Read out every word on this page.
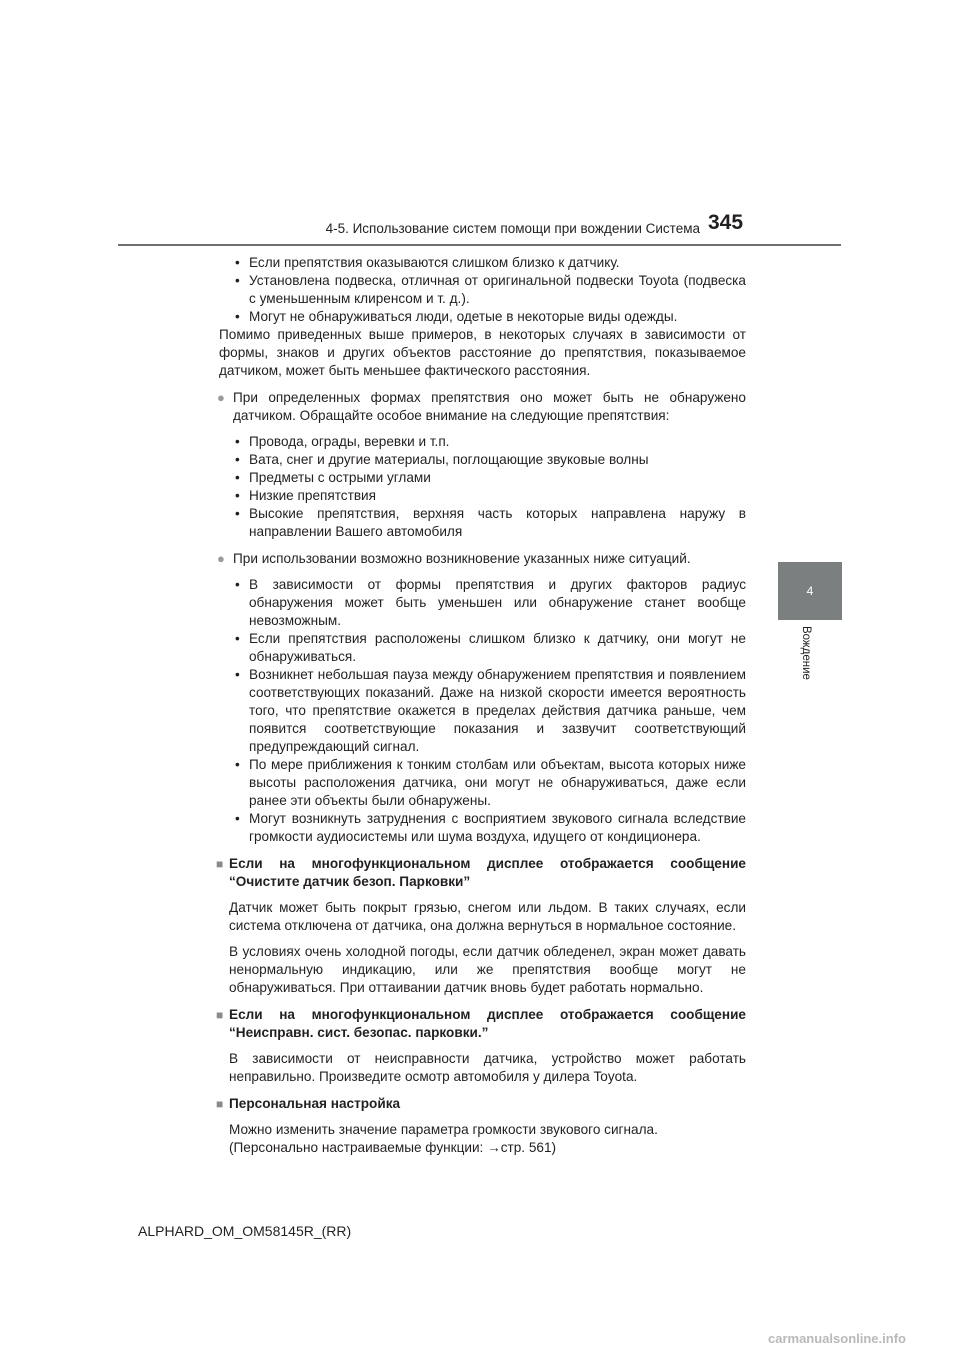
4-5. Использование систем помощи при вождении Система 345
4
Вождение
• Если препятствия оказываются слишком близко к датчику.
• Установлена подвеска, отличная от оригинальной подвески Toyota (подвеска с уменьшенным клиренсом и т. д.).
• Могут не обнаруживаться люди, одетые в некоторые виды одежды.

Помимо приведенных выше примеров, в некоторых случаях в зависимости от формы, знаков и других объектов расстояние до препятствия, показываемое датчиком, может быть меньшее фактического расстояния.

● При определенных формах препятствия оно может быть не обнаружено датчиком. Обращайте особое внимание на следующие препятствия:
• Провода, ограды, веревки и т.п.
• Вата, снег и другие материалы, поглощающие звуковые волны
• Предметы с острыми углами
• Низкие препятствия
• Высокие препятствия, верхняя часть которых направлена наружу в направлении Вашего автомобиля
● При использовании возможно возникновение указанных ниже ситуаций.
• В зависимости от формы препятствия и других факторов радиус обнаружения может быть уменьшен или обнаружение станет вообще невозможным.
• Если препятствия расположены слишком близко к датчику, они могут не обнаруживаться.
• Возникнет небольшая пауза между обнаружением препятствия и появлением соответствующих показаний. Даже на низкой скорости имеется вероятность того, что препятствие окажется в пределах действия датчика раньше, чем появится соответствующие показания и зазвучит соответствующий предупреждающий сигнал.
• По мере приближения к тонким столбам или объектам, высота которых ниже высоты расположения датчика, они могут не обнаруживаться, даже если ранее эти объекты были обнаружены.
• Могут возникнуть затруднения с восприятием звукового сигнала вследствие громкости аудиосистемы или шума воздуха, идущего от кондиционера.
■ Если на многофункциональном дисплее отображается сообщение “Очистите датчик безоп. Парковки”
Датчик может быть покрыт грязью, снегом или льдом. В таких случаях, если система отключена от датчика, она должна вернуться в нормальное состояние.
В условиях очень холодной погоды, если датчик обледенел, экран может давать ненормальную индикацию, или же препятствия вообще могут не обнаруживаться. При оттаивании датчик вновь будет работать нормально.
■ Если на многофункциональном дисплее отображается сообщение “Неисправн. сист. безопас. парковки.”
В зависимости от неисправности датчика, устройство может работать неправильно. Произведите осмотр автомобиля у дилера Toyota.
■ Персональная настройка
Можно изменить значение параметра громкости звукового сигнала.
(Персонально настраиваемые функции: →стр. 561)
ALPHARD_OM_OM58145R_(RR)
carmanualsonline.info
